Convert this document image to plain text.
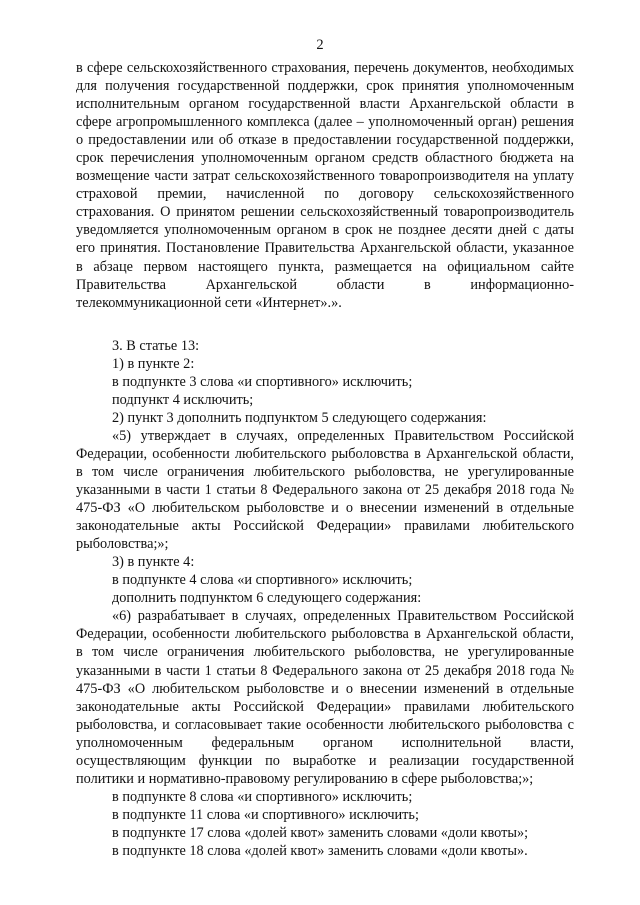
2

в сфере сельскохозяйственного страхования, перечень документов, необходимых для получения государственной поддержки, срок принятия уполномоченным исполнительным органом государственной власти Архангельской области в сфере агропромышленного комплекса (далее – уполномоченный орган) решения о предоставлении или об отказе в предоставлении государственной поддержки, срок перечисления уполномоченным органом средств областного бюджета на возмещение части затрат сельскохозяйственного товаропроизводителя на уплату страховой премии, начисленной по договору сельскохозяйственного страхования. О принятом решении сельскохозяйственный товаропроизводитель уведомляется уполномоченным органом в срок не позднее десяти дней с даты его принятия. Постановление Правительства Архангельской области, указанное в абзаце первом настоящего пункта, размещается на официальном сайте Правительства Архангельской области в информационно-телекоммуникационной сети «Интернет».».

3. В статье 13:

1) в пункте 2:

в подпункте 3 слова «и спортивного» исключить;

подпункт 4 исключить;

2) пункт 3 дополнить подпунктом 5 следующего содержания:

«5) утверждает в случаях, определенных Правительством Российской Федерации, особенности любительского рыболовства в Архангельской области, в том числе ограничения любительского рыболовства, не урегулированные указанными в части 1 статьи 8 Федерального закона от 25 декабря 2018 года № 475-ФЗ «О любительском рыболовстве и о внесении изменений в отдельные законодательные акты Российской Федерации» правилами любительского рыболовства;»;

3) в пункте 4:

в подпункте 4 слова «и спортивного» исключить;

дополнить подпунктом 6 следующего содержания:

«6) разрабатывает в случаях, определенных Правительством Российской Федерации, особенности любительского рыболовства в Архангельской области, в том числе ограничения любительского рыболовства, не урегулированные указанными в части 1 статьи 8 Федерального закона от 25 декабря 2018 года № 475-ФЗ «О любительском рыболовстве и о внесении изменений в отдельные законодательные акты Российской Федерации» правилами любительского рыболовства, и согласовывает такие особенности любительского рыболовства с уполномоченным федеральным органом исполнительной власти, осуществляющим функции по выработке и реализации государственной политики и нормативно-правовому регулированию в сфере рыболовства;»;

в подпункте 8 слова «и спортивного» исключить;

в подпункте 11 слова «и спортивного» исключить;

в подпункте 17 слова «долей квот» заменить словами «доли квоты»;

в подпункте 18 слова «долей квот» заменить словами «доли квоты».
